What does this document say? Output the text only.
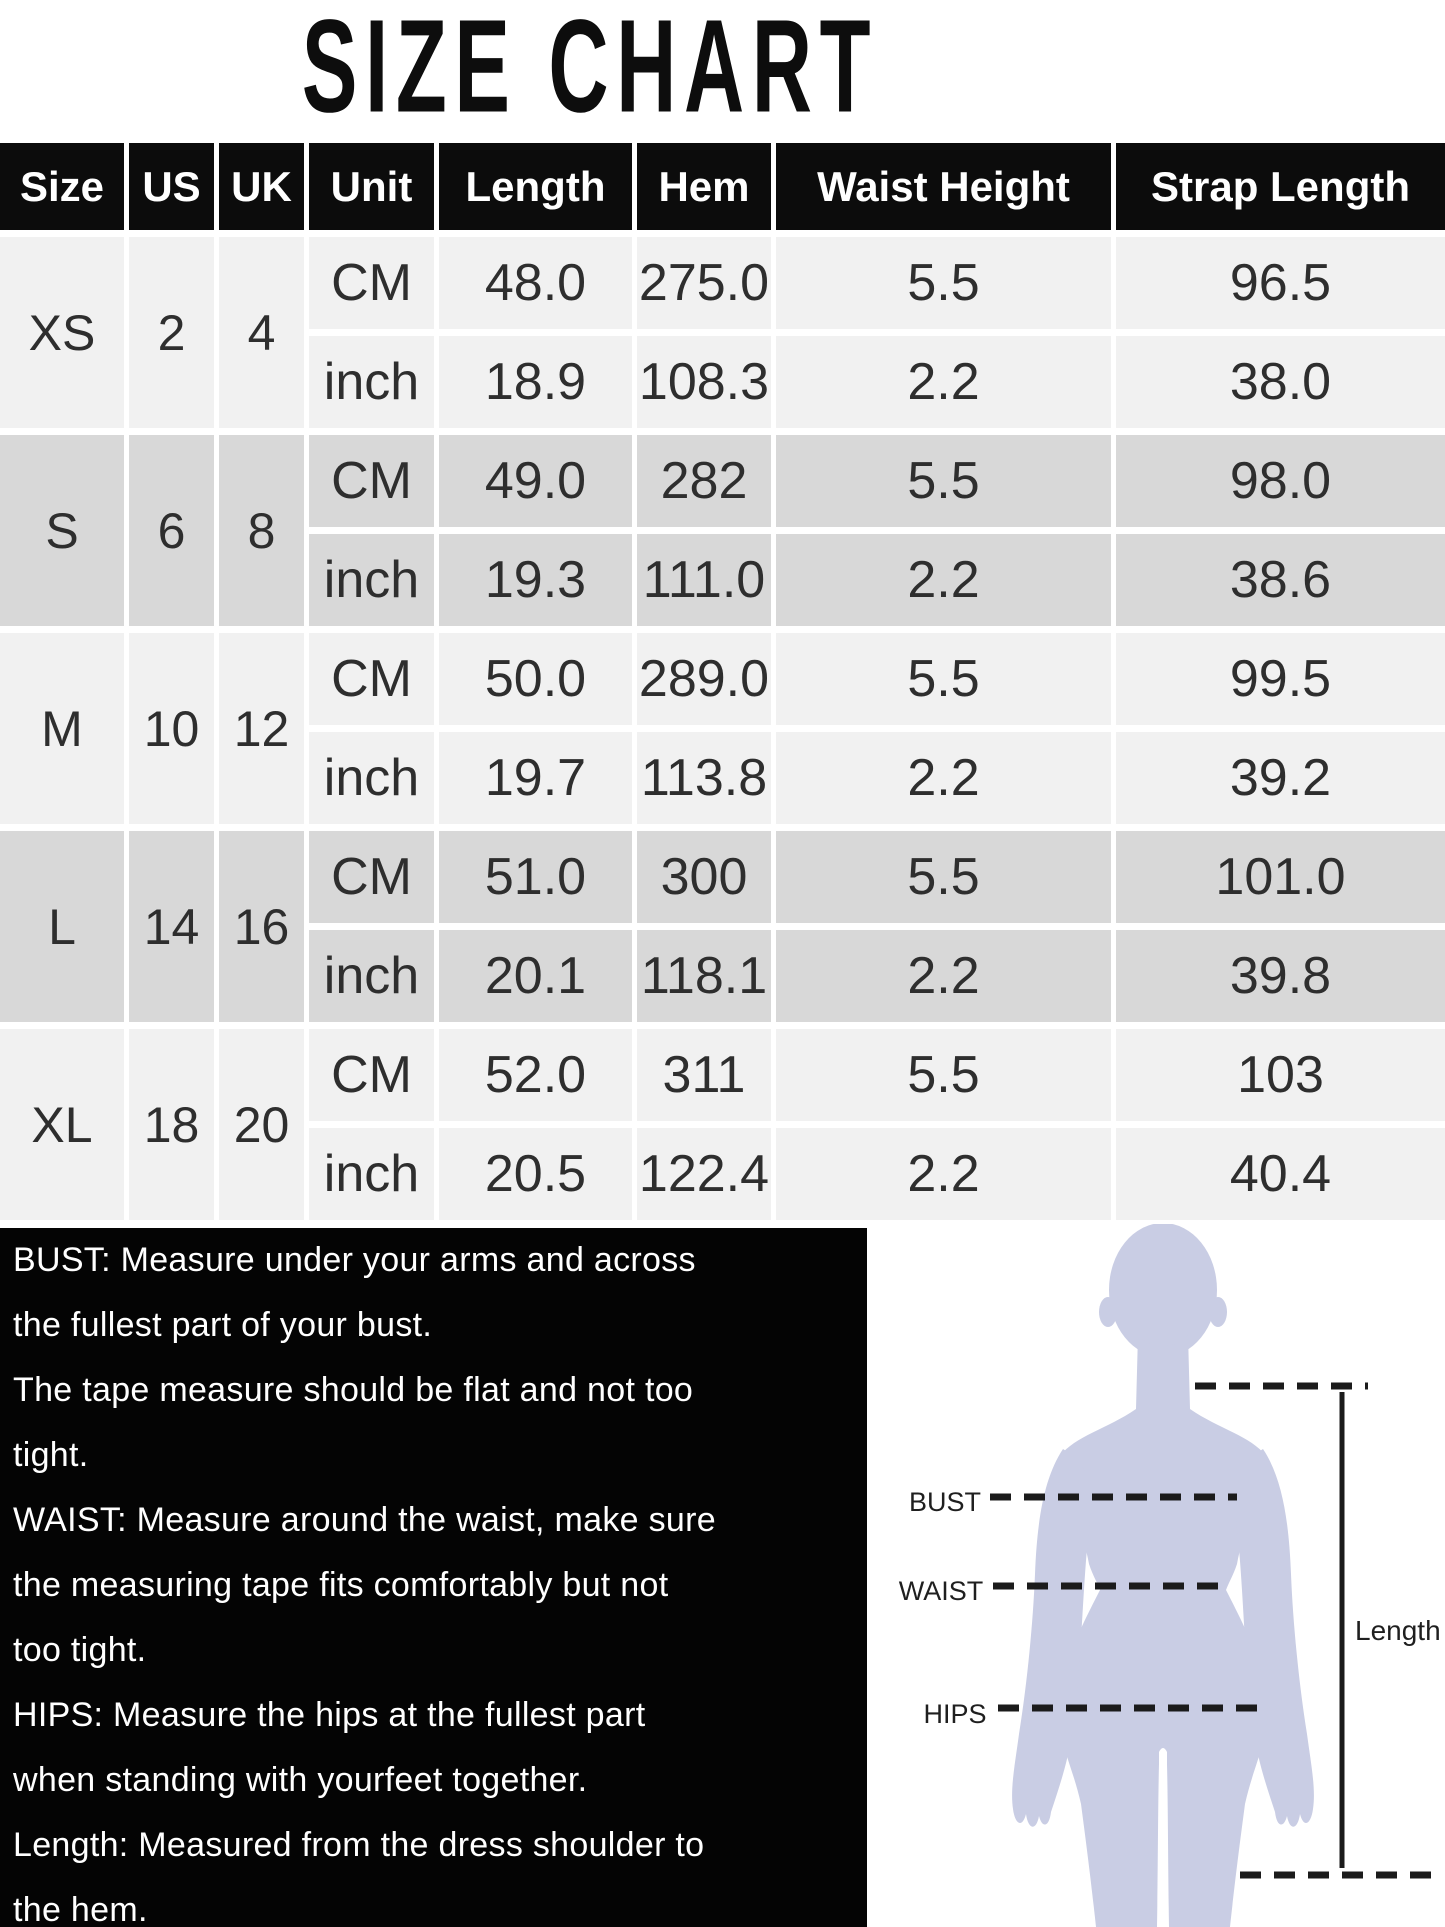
SIZE CHART
Size US UK Unit	Length	Hem	Waist Height	Strap Length
XS	2	4
CM	48.0	275.0	5.5	96.5
inch	18.9	108.3	2.2	38.0
S	6	8
CM	49.0	282	5.5	98.0
inch	19.3	111.0	2.2	38.6
M	10 12
CM	50.0	289.0	5.5	99.5
inch	19.7	113.8	2.2	39.2
L	14 16
CM	51.0	300	5.5	101.0
inch	20.1	118.1	2.2	39.8
XL	18 20
CM	52.0	311	5.5	103
inch	20.5	122.4	2.2	40.4
BUST: Measure under your arms and across
the fullest part of your bust.
The tape measure should be flat and not too
tight.
WAIST: Measure around the waist, make sure
the measuring tape fits comfortably but not
too tight.
HIPS: Measure the hips at the fullest part
when standing with yourfeet together.
Length: Measured from the dress shoulder to
the hem.
BUST
WAIST
HIPS
Length
